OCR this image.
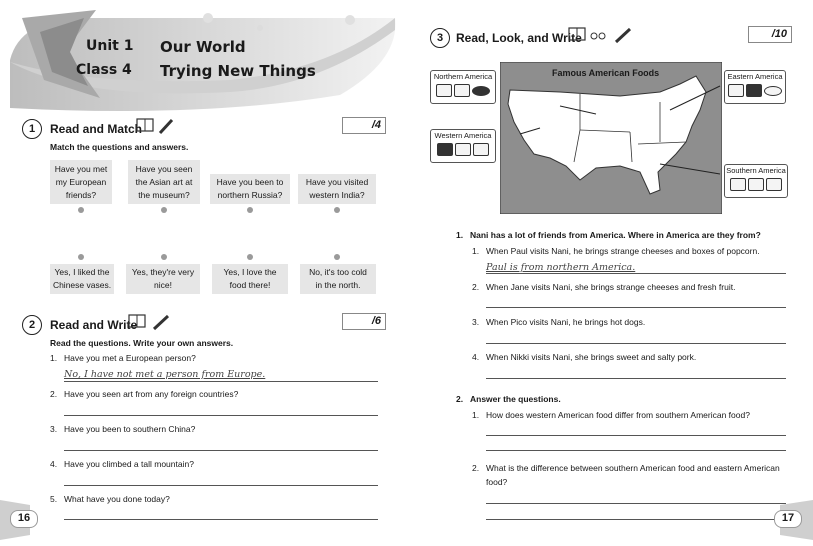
Unit 1
Class 4
Our World
Trying New Things
1	Read and Match	/4
Match the questions and answers.
Have you met
my European
friends?
Have you seen
the Asian art at
the museum?
Have you been to
northern Russia?
Have you visited
western India?
Yes, I liked the
Chinese vases.
Yes, they're very
nice!
Yes, I love the
food there!
No, it's too cold
in the north.
2	Read and Write	/6
Read the questions. Write your own answers.
1. Have you met a European person?
No, I have not met a person from Europe.
2. Have you seen art from any foreign countries?
3. Have you been to southern China?
4. Have you climbed a tall mountain?
5. What have you done today?
16
3	Read, Look, and Write	/10
Famous American Foods
Northern America
Western America
Eastern America
Southern America
1. Nani has a lot of friends from America. Where in America are they from?
1. When Paul visits Nani, he brings strange cheeses and boxes of popcorn.
Paul is from northern America.
2. When Jane visits Nani, she brings strange cheeses and fresh fruit.
3. When Pico visits Nani, he brings hot dogs.
4. When Nikki visits Nani, she brings sweet and salty pork.
2. Answer the questions.
1. How does western American food differ from southern American food?
2. What is the difference between southern American food and eastern American
food?
17
